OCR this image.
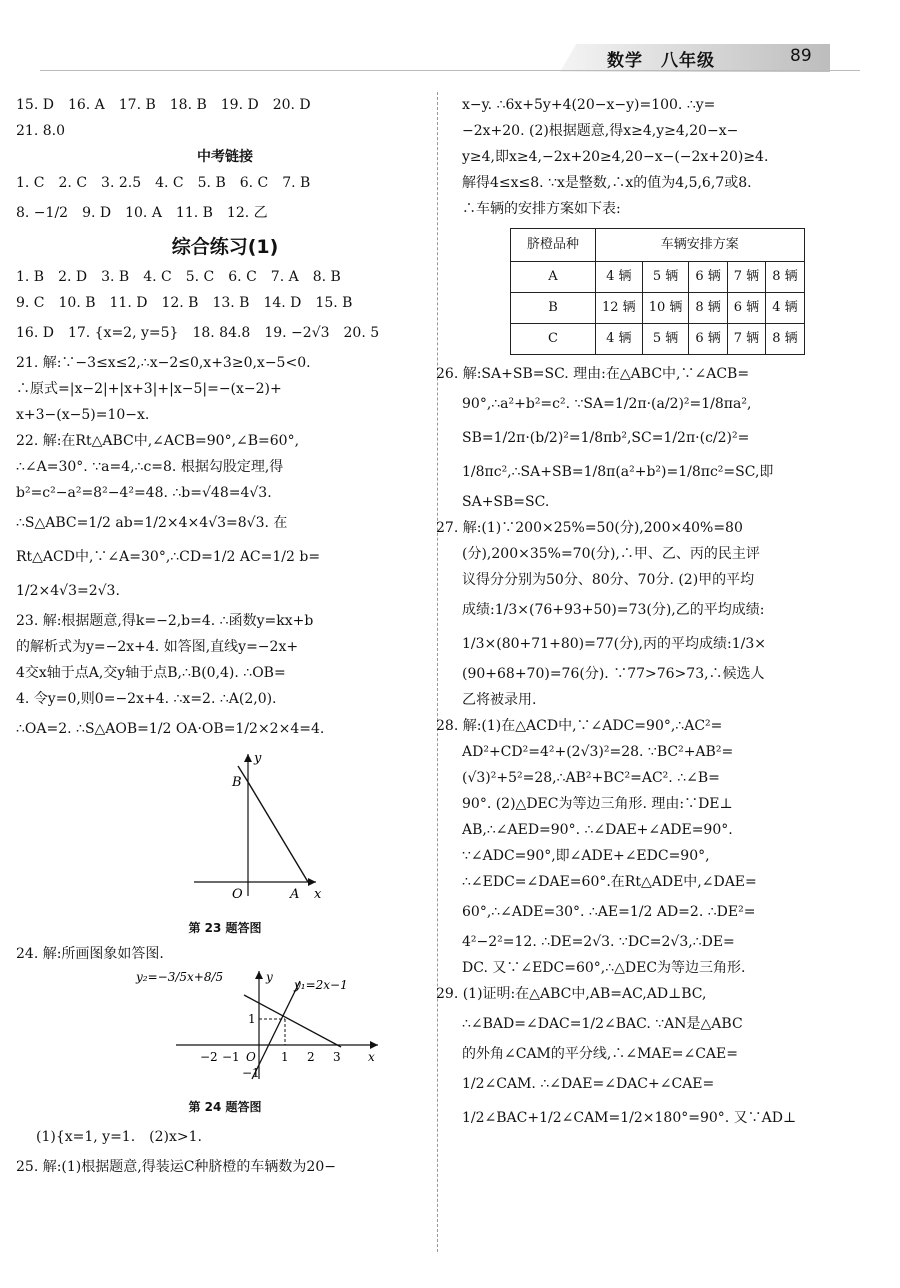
数学　八年级	89
15. D　16. A　17. B　18. B　19. D　20. D
21. 8.0
中考链接
1. C　2. C　3. 2.5　4. C　5. B　6. C　7. B
8. −1/2　9. D　10. A　11. B　12. 乙
综合练习(1)
1. B　2. D　3. B　4. C　5. C　6. C　7. A　8. B
9. C　10. B　11. D　12. B　13. B　14. D　15. B
16. D　17. {x=2, y=5}　18. 84.8　19. −2√3　20. 5
21. 解:∵−3≤x≤2,∴x−2≤0,x+3≥0,x−5<0.
∴原式=|x−2|+|x+3|+|x−5|=−(x−2)+
x+3−(x−5)=10−x.
22. 解:在Rt△ABC中,∠ACB=90°,∠B=60°,
∴∠A=30°. ∵a=4,∴c=8. 根据勾股定理,得
b²=c²−a²=8²−4²=48. ∴b=√48=4√3.
∴S△ABC=1/2 ab=1/2×4×4√3=8√3. 在
Rt△ACD中,∵∠A=30°,∴CD=1/2 AC=1/2 b=
1/2×4√3=2√3.
23. 解:根据题意,得k=−2,b=4. ∴函数y=kx+b
的解析式为y=−2x+4. 如答图,直线y=−2x+
4交x轴于点A,交y轴于点B,∴B(0,4). ∴OB=
4. 令y=0,则0=−2x+4. ∴x=2. ∴A(2,0).
∴OA=2. ∴S△AOB=1/2 OA·OB=1/2×2×4=4.
y
B
O	A x
第 23 题答图
24. 解:所画图象如答图.
y₂=−3/5x+8/5
y₁=2x−1
y
x
O
−2 −1	1 2 3
1
−1
第 24 题答图
(1){x=1, y=1.　(2)x>1.
25. 解:(1)根据题意,得装运C种脐橙的车辆数为20−
x−y. ∴6x+5y+4(20−x−y)=100. ∴y=
−2x+20. (2)根据题意,得x≥4,y≥4,20−x−
y≥4,即x≥4,−2x+20≥4,20−x−(−2x+20)≥4.
解得4≤x≤8. ∵x是整数,∴x的值为4,5,6,7或8.
∴车辆的安排方案如下表:
脐橙品种	车辆安排方案				
A	4 辆	5 辆	6 辆	7 辆	8 辆
B	12 辆	10 辆	8 辆	6 辆	4 辆
C	4 辆	5 辆	6 辆	7 辆	8 辆
26. 解:SA+SB=SC. 理由:在△ABC中,∵∠ACB=
90°,∴a²+b²=c². ∵SA=1/2π·(a/2)²=1/8πa²,
SB=1/2π·(b/2)²=1/8πb²,SC=1/2π·(c/2)²=
1/8πc²,∴SA+SB=1/8π(a²+b²)=1/8πc²=SC,即
SA+SB=SC.
27. 解:(1)∵200×25%=50(分),200×40%=80
(分),200×35%=70(分),∴甲、乙、丙的民主评
议得分分别为50分、80分、70分. (2)甲的平均
成绩:1/3×(76+93+50)=73(分),乙的平均成绩:
1/3×(80+71+80)=77(分),丙的平均成绩:1/3×
(90+68+70)=76(分). ∵77>76>73,∴候选人
乙将被录用.
28. 解:(1)在△ACD中,∵∠ADC=90°,∴AC²=
AD²+CD²=4²+(2√3)²=28. ∵BC²+AB²=
(√3)²+5²=28,∴AB²+BC²=AC². ∴∠B=
90°. (2)△DEC为等边三角形. 理由:∵DE⊥
AB,∴∠AED=90°. ∴∠DAE+∠ADE=90°.
∵∠ADC=90°,即∠ADE+∠EDC=90°,
∴∠EDC=∠DAE=60°.在Rt△ADE中,∠DAE=
60°,∴∠ADE=30°. ∴AE=1/2 AD=2. ∴DE²=
4²−2²=12. ∴DE=2√3. ∵DC=2√3,∴DE=
DC. 又∵∠EDC=60°,∴△DEC为等边三角形.
29. (1)证明:在△ABC中,AB=AC,AD⊥BC,
∴∠BAD=∠DAC=1/2∠BAC. ∵AN是△ABC
的外角∠CAM的平分线,∴∠MAE=∠CAE=
1/2∠CAM. ∴∠DAE=∠DAC+∠CAE=
1/2∠BAC+1/2∠CAM=1/2×180°=90°. 又∵AD⊥
